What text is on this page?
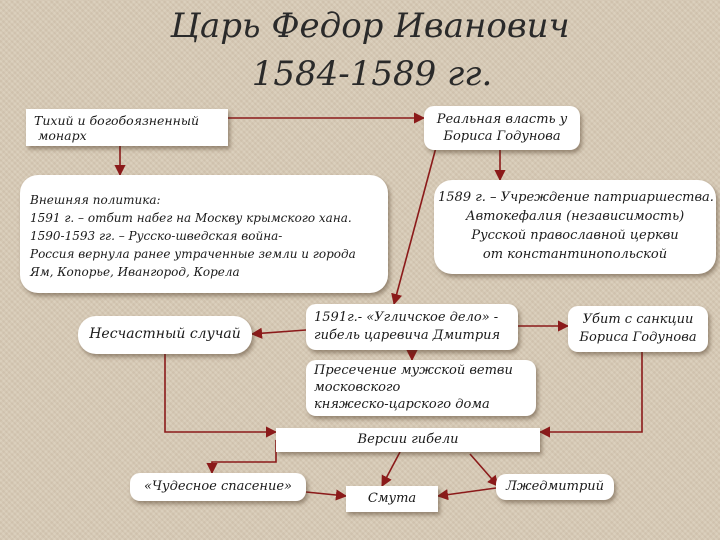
Царь Федор Иванович
1584-1589 гг.
Тихий и богобоязненный
монарх
Реальная власть у
Бориса Годунова
Внешняя политика:
1591 г. – отбит набег на Москву крымского хана.
1590-1593 гг. – Русско-шведская война-
Россия вернула ранее утраченные земли и города
Ям, Копорье, Ивангород, Корела
1589 г. – Учреждение патриаршества.
Автокефалия (независимость)
Русской православной церкви
от константинопольской
Несчастный случай
1591г.- «Угличское дело» -
гибель царевича Дмитрия
Убит с санкции
Бориса Годунова
Пресечение мужской ветви
московского
княжеско-царского дома
Версии гибели
«Чудесное спасение»
Смута
Лжедмитрий
